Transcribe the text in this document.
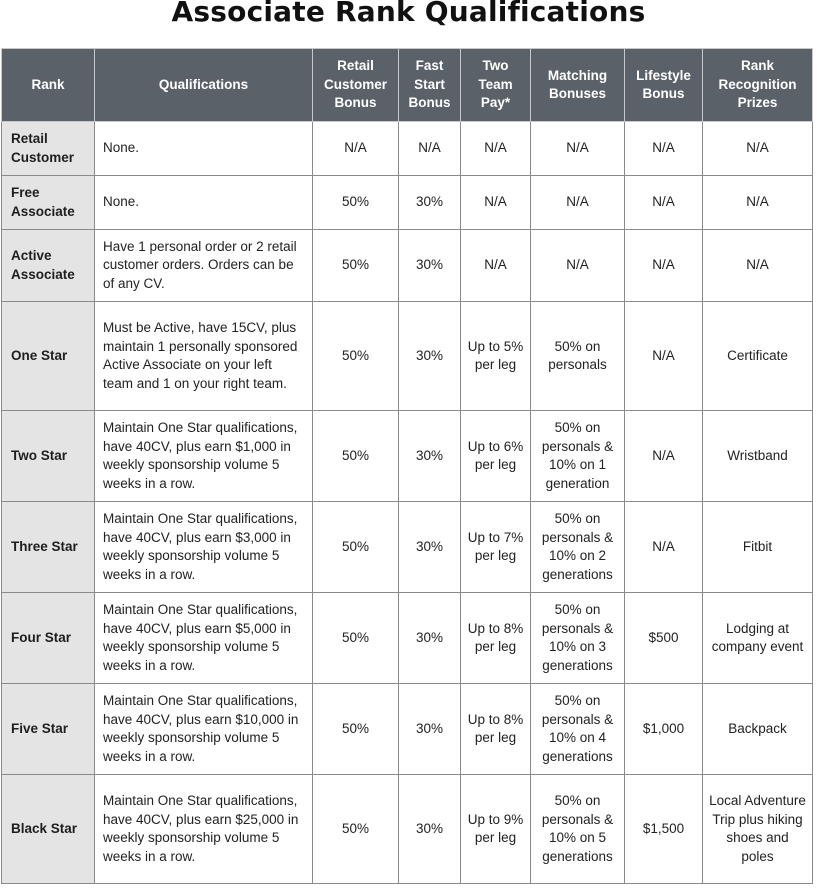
Associate Rank Qualifications
Rank	Qualifications	Retail Customer Bonus	Fast Start Bonus	Two Team Pay*	Matching Bonuses	Lifestyle Bonus	Rank Recognition Prizes
Retail Customer	None.	N/A	N/A	N/A	N/A	N/A	N/A
Free Associate	None.	50%	30%	N/A	N/A	N/A	N/A
Active Associate	Have 1 personal order or 2 retail customer orders. Orders can be of any CV.	50%	30%	N/A	N/A	N/A	N/A
One Star	Must be Active, have 15CV, plus maintain 1 personally sponsored Active Associate on your left team and 1 on your right team.	50%	30%	Up to 5% per leg	50% on personals	N/A	Certificate
Two Star	Maintain One Star qualifications, have 40CV, plus earn $1,000 in weekly sponsorship volume 5 weeks in a row.	50%	30%	Up to 6% per leg	50% on personals & 10% on 1 generation	N/A	Wristband
Three Star	Maintain One Star qualifications, have 40CV, plus earn $3,000 in weekly sponsorship volume 5 weeks in a row.	50%	30%	Up to 7% per leg	50% on personals & 10% on 2 generations	N/A	Fitbit
Four Star	Maintain One Star qualifications, have 40CV, plus earn $5,000 in weekly sponsorship volume 5 weeks in a row.	50%	30%	Up to 8% per leg	50% on personals & 10% on 3 generations	$500	Lodging at company event
Five Star	Maintain One Star qualifications, have 40CV, plus earn $10,000 in weekly sponsorship volume 5 weeks in a row.	50%	30%	Up to 8% per leg	50% on personals & 10% on 4 generations	$1,000	Backpack
Black Star	Maintain One Star qualifications, have 40CV, plus earn $25,000 in weekly sponsorship volume 5 weeks in a row.	50%	30%	Up to 9% per leg	50% on personals & 10% on 5 generations	$1,500	Local Adventure Trip plus hiking shoes and poles
